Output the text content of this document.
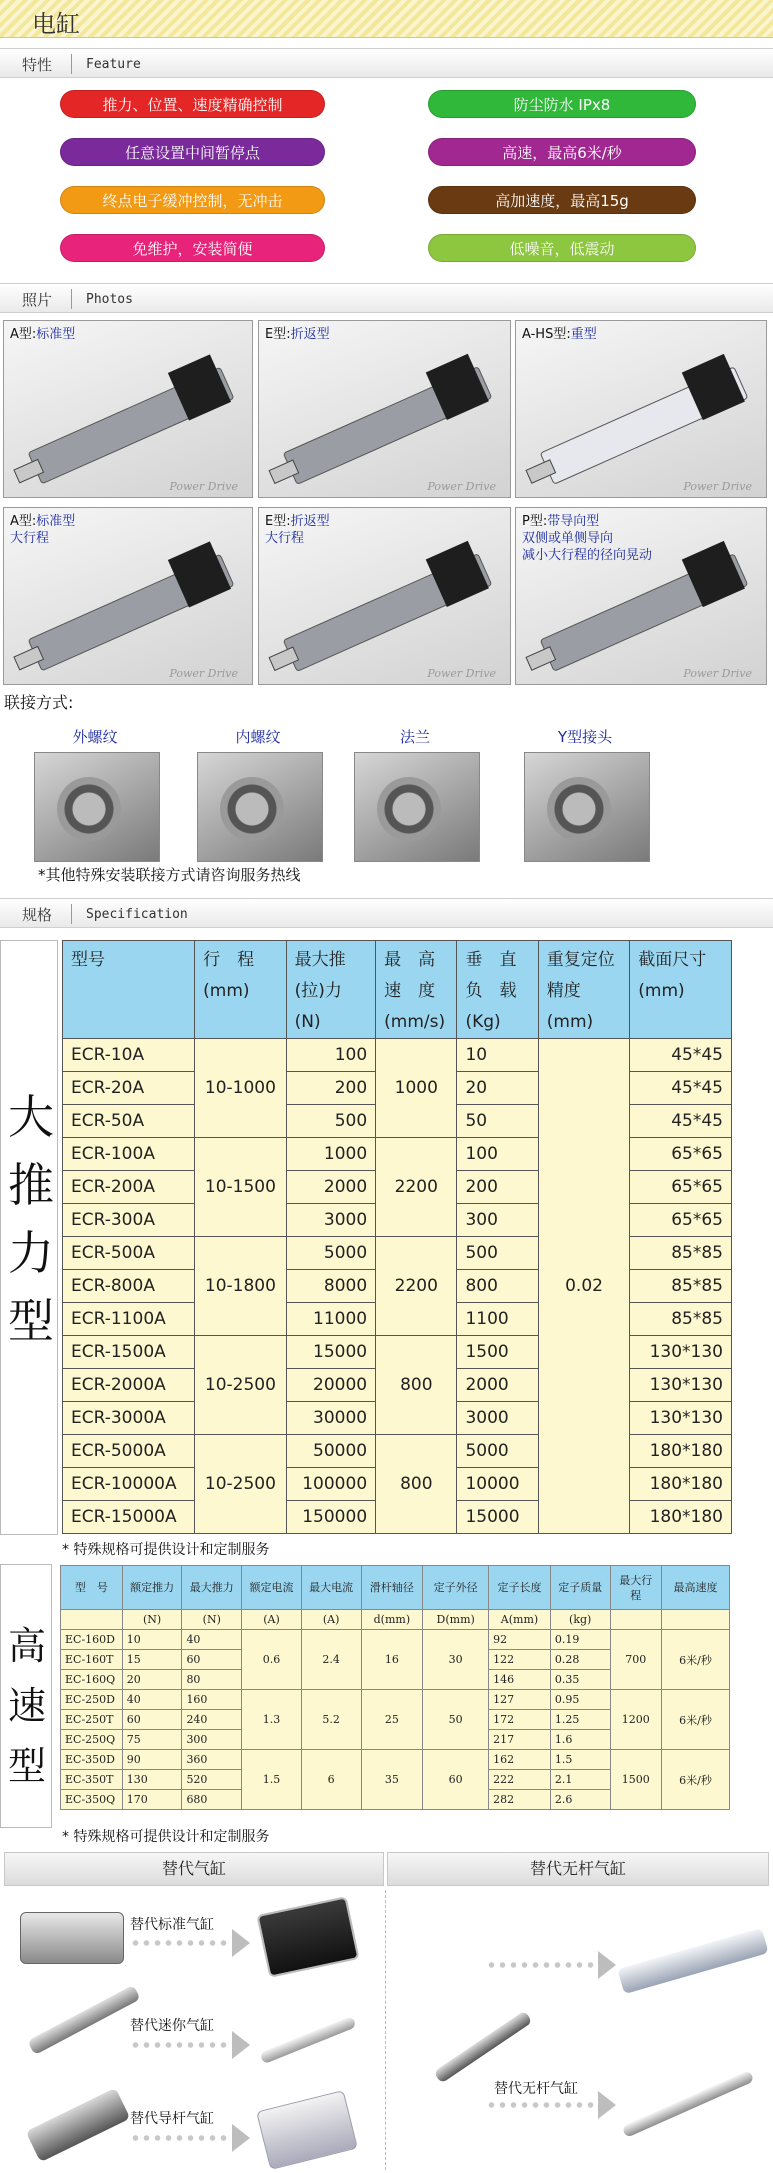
电缸
特性	Feature
推力、位置、速度精确控制	防尘防水 IPx8
任意设置中间暂停点	高速，最高6米/秒
终点电子缓冲控制，无冲击	高加速度，最高15g
免维护，安装简便	低噪音，低震动
照片	Photos
A型:标准型
Power Drive
E型:折返型
Power Drive
A-HS型:重型
Power Drive
A型:标准型
大行程
Power Drive
E型:折返型
大行程
Power Drive
P型:带导向型
双侧或单侧导向
减小大行程的径向晃动
Power Drive
联接方式:
外螺纹	内螺纹	法兰	Y型接头
*其他特殊安装联接方式请咨询服务热线
规格	Specification
大
推
力
型
型号	行　程(mm)	最大推(拉)力(N)	最　高速　度(mm/s)	垂　直负　载(Kg)	重复定位精度(mm)	截面尺寸(mm)
ECR-10A	10-1000	100	1000	10	0.02	45*45
ECR-20A		200		20		45*45
ECR-50A		500		50		45*45
ECR-100A	10-1500	1000	2200	100		65*65
ECR-200A		2000		200		65*65
ECR-300A		3000		300		65*65
ECR-500A	10-1800	5000	2200	500		85*85
ECR-800A		8000		800		85*85
ECR-1100A		11000		1100		85*85
ECR-1500A	10-2500	15000	800	1500		130*130
ECR-2000A		20000		2000		130*130
ECR-3000A		30000		3000		130*130
ECR-5000A	10-2500	50000	800	5000		180*180
ECR-10000A		100000		10000		180*180
ECR-15000A		150000		15000		180*180
* 特殊规格可提供设计和定制服务
高
速
型
型　号	额定推力	最大推力	额定电流	最大电流	滑杆轴径	定子外径	定子长度	定子质量	最大行程	最高速度
	(N)	(N)	(A)	(A)	d(mm)	D(mm)	A(mm)	(kg)		
EC-160D	10	40	0.6	2.4	16	30	92	0.19	700	6米/秒
EC-160T	15	60					122	0.28		
EC-160Q	20	80					146	0.35		
EC-250D	40	160	1.3	5.2	25	50	127	0.95	1200	6米/秒
EC-250T	60	240					172	1.25		
EC-250Q	75	300					217	1.6		
EC-350D	90	360	1.5	6	35	60	162	1.5	1500	6米/秒
EC-350T	130	520					222	2.1		
EC-350Q	170	680					282	2.6		
* 特殊规格可提供设计和定制服务
替代气缸	替代无杆气缸
替代标准气缸
替代迷你气缸
替代导杆气缸
替代无杆气缸
